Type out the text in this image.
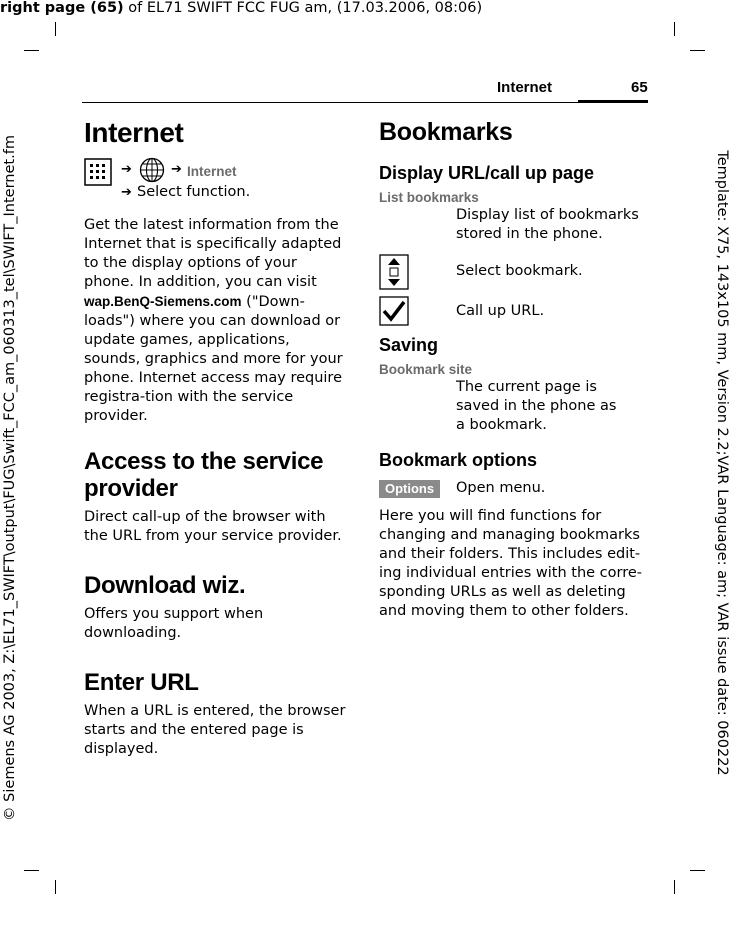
right page (65) of EL71 SWIFT FCC FUG am, (17.03.2006, 08:06)
Template: X75, 143x105 mm, Version 2.2;VAR Language: am; VAR issue date: 060222
© Siemens AG 2003, Z:\EL71_SWIFT\output\FUG\Swift_FCC_am_060313_tel\SWIFT_Internet.fm
Internet	65
Internet
➔	➔ Internet
➔ Select function.

Get the latest information from the Internet that is specifically adapted to the display options of your phone. In addition, you can visit wap.BenQ-Siemens.com ("Down-loads") where you can download or update games, applications, sounds, graphics and more for your phone. Internet access may require registra-tion with the service provider.

Access to the service provider

Direct call-up of the browser with the URL from your service provider.

Download wiz.

Offers you support when downloading.

Enter URL

When a URL is entered, the browser starts and the entered page is displayed.

Bookmarks
Display URL/call up page
List bookmarks
Display list of bookmarks stored in the phone.
Select bookmark.
Call up URL.
Saving
Bookmark site
The current page is saved in the phone as a bookmark.
Bookmark options
Options	Open menu.

Here you will find functions for changing and managing bookmarks and their folders. This includes edit-ing individual entries with the corre-sponding URLs as well as deleting and moving them to other folders.
